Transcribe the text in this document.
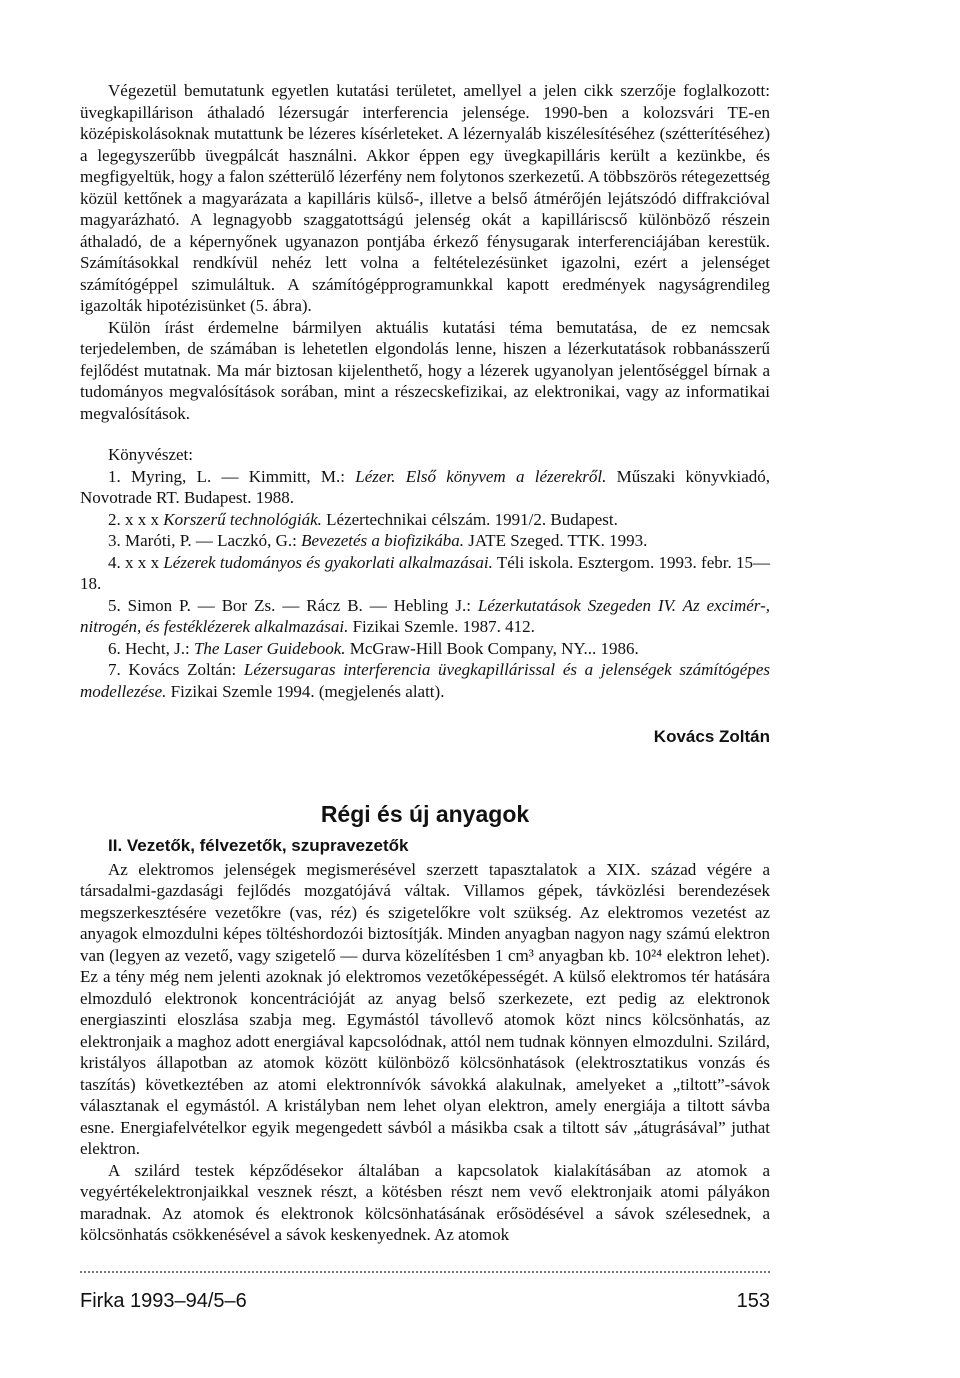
Végezetül bemutatunk egyetlen kutatási területet, amellyel a jelen cikk szerzője foglalkozott: üvegkapillárison áthaladó lézersugár interferencia jelensége. 1990-ben a kolozsvári TE-en középiskolásoknak mutattunk be lézeres kísérleteket. A lézernyaláb kiszélesítéséhez (szétterítéséhez) a legegyszerűbb üvegpálcát használni. Akkor éppen egy üvegkapilláris került a kezünkbe, és megfigyeltük, hogy a falon szétterülő lézerfény nem folytonos szerkezetű. A többszörös rétegezettség közül kettőnek a magyarázata a kapilláris külső-, illetve a belső átmérőjén lejátszódó diffrakcióval magyarázható. A legnagyobb szaggatottságú jelenség okát a kapilláriscső különböző részein áthaladó, de a képernyőnek ugyanazon pontjába érkező fénysugarak interferenciájában kerestük. Számításokkal rendkívül nehéz lett volna a feltételezésünket igazolni, ezért a jelenséget számítógéppel szimuláltuk. A számítógépprogramunkkal kapott eredmények nagyságrendileg igazolták hipotézisünket (5. ábra).

Külön írást érdemelne bármilyen aktuális kutatási téma bemutatása, de ez nemcsak terjedelemben, de számában is lehetetlen elgondolás lenne, hiszen a lézerkutatások robbanásszerű fejlődést mutatnak. Ma már biztosan kijelenthető, hogy a lézerek ugyanolyan jelentőséggel bírnak a tudományos megvalósítások sorában, mint a részecskefizikai, az elektronikai, vagy az informatikai megvalósítások.

Könyvészet:

1. Myring, L. — Kimmitt, M.: Lézer. Első könyvem a lézerekről. Műszaki könyvkiadó, Novotrade RT. Budapest. 1988.

2. x x x Korszerű technológiák. Lézertechnikai célszám. 1991/2. Budapest.

3. Maróti, P. — Laczkó, G.: Bevezetés a biofizikába. JATE Szeged. TTK. 1993.

4. x x x Lézerek tudományos és gyakorlati alkalmazásai. Téli iskola. Esztergom. 1993. febr. 15—18.

5. Simon P. — Bor Zs. — Rácz B. — Hebling J.: Lézerkutatások Szegeden IV. Az excimér-, nitrogén, és festéklézerek alkalmazásai. Fizikai Szemle. 1987. 412.

6. Hecht, J.: The Laser Guidebook. McGraw-Hill Book Company, NY... 1986.

7. Kovács Zoltán: Lézersugaras interferencia üvegkapillárissal és a jelenségek számítógépes modellezése. Fizikai Szemle 1994. (megjelenés alatt).

Kovács Zoltán
Régi és új anyagok
II. Vezetők, félvezetők, szupravezetők

Az elektromos jelenségek megismerésével szerzett tapasztalatok a XIX. század végére a társadalmi-gazdasági fejlődés mozgatójává váltak. Villamos gépek, távközlési berendezések megszerkesztésére vezetőkre (vas, réz) és szigetelőkre volt szükség. Az elektromos vezetést az anyagok elmozdulni képes töltéshordozói biztosítják. Minden anyagban nagyon nagy számú elektron van (legyen az vezető, vagy szigetelő — durva közelítésben 1 cm³ anyagban kb. 10²⁴ elektron lehet). Ez a tény még nem jelenti azoknak jó elektromos vezetőképességét. A külső elektromos tér hatására elmozduló elektronok koncentrációját az anyag belső szerkezete, ezt pedig az elektronok energiaszinti eloszlása szabja meg. Egymástól távollevő atomok közt nincs kölcsönhatás, az elektronjaik a maghoz adott energiával kapcsolódnak, attól nem tudnak könnyen elmozdulni. Szilárd, kristályos állapotban az atomok között különböző kölcsönhatások (elektrosztatikus vonzás és taszítás) következtében az atomi elektronnívók sávokká alakulnak, amelyeket a „tiltott”-sávok választanak el egymástól. A kristályban nem lehet olyan elektron, amely energiája a tiltott sávba esne. Energiafelvételkor egyik megengedett sávból a másikba csak a tiltott sáv „átugrásával” juthat elektron.

A szilárd testek képződésekor általában a kapcsolatok kialakításában az atomok a vegyértékelektronjaikkal vesznek részt, a kötésben részt nem vevő elektronjaik atomi pályákon maradnak. Az atomok és elektronok kölcsönhatásának erősödésével a sávok szélesednek, a kölcsönhatás csökkenésével a sávok keskenyednek. Az atomok

Firka 1993–94/5–6	153
